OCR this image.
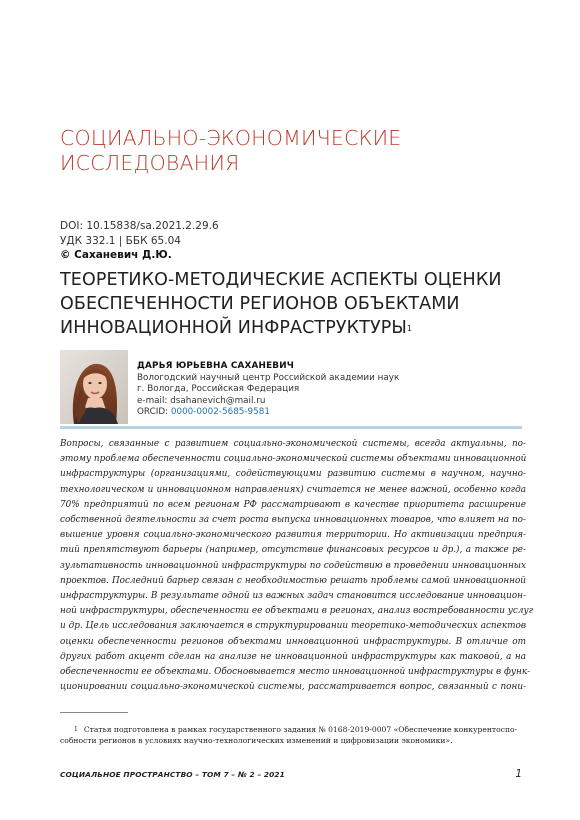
СОЦИАЛЬНО-ЭКОНОМИЧЕСКИЕ
ИССЛЕДОВАНИЯ
DOI: 10.15838/sa.2021.2.29.6
УДК 332.1 | ББК 65.04
© Саханевич Д.Ю.
ТЕОРЕТИКО-МЕТОДИЧЕСКИЕ АСПЕКТЫ ОЦЕНКИ
ОБЕСПЕЧЕННОСТИ РЕГИОНОВ ОБЪЕКТАМИ
ИННОВАЦИОННОЙ ИНФРАСТРУКТУРЫ$^1$
ДАРЬЯ ЮРЬЕВНА САХАНЕВИЧ
Вологодский научный центр Российской академии наук
г. Вологда, Российская Федерация
e-mail: dsahanevich@mail.ru
ORCID: 0000-0002-5685-9581
Вопросы, связанные с развитием социально-экономической системы, всегда актуальны, по-
этому проблема обеспеченности социально-экономической системы объектами инновационной
инфраструктуры (организациями, содействующими развитию системы в научном, научно-
технологическом и инновационном направлениях) считается не менее важной, особенно когда
70% предприятий по всем регионам РФ рассматривают в качестве приоритета расширение
собственной деятельности за счет роста выпуска инновационных товаров, что влияет на по-
вышение уровня социально-экономического развития территории. Но активизации предприя-
тий препятствуют барьеры (например, отсутствие финансовых ресурсов и др.), а также ре-
зультативность инновационной инфраструктуры по содействию в проведении инновационных
проектов. Последний барьер связан с необходимостью решать проблемы самой инновационной
инфраструктуры. В результате одной из важных задач становится исследование инновацион-
ной инфраструктуры, обеспеченности ее объектами в регионах, анализ востребованности услуг
и др. Цель исследования заключается в структурировании теоретико-методических аспектов
оценки обеспеченности регионов объектами инновационной инфраструктуры. В отличие от
других работ акцент сделан на анализе не инновационной инфраструктуры как таковой, а на
обеспеченности ее объектами. Обосновывается место инновационной инфраструктуры в функ-
ционировании социально-экономической системы, рассматривается вопрос, связанный с пони-
$^1$ Статья подготовлена в рамках государственного задания № 0168-2019-0007 «Обеспечение конкурентоспо-
собности регионов в условиях научно-технологических изменений и цифровизации экономики».
СОЦИАЛЬНОЕ ПРОСТРАНСТВО – ТОМ 7 – № 2 – 2021	1
